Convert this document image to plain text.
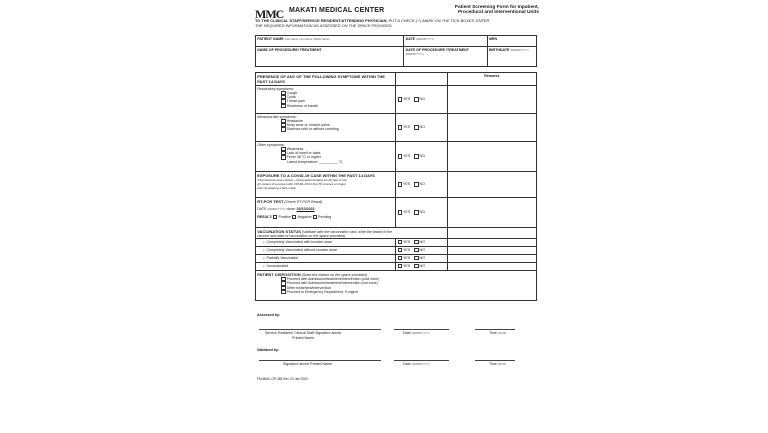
MMC MAKATI MEDICAL CENTER	Patient Screening Form for Inpatient,
Procedural and Interventional Units
TO THE CLINICAL STAFF/SERVICE RESIDENT/ATTENDING PHYSICIAN: PUT A CHECK (✓) MARK ON THE TICK BOXES. ENTER
THE REQUIRED INFORMATION AS ASSESSED ON THE SPACE PROVIDED.
PATIENT NAME (Last Name, First Name, Middle Name)	DATE (MM/DD/YYYY)	MRN
NAME OF PROCEDURE/ TREATMENT	DATE OF PROCEDURE /TREATMENT (MM/DD/YYYY)	BIRTHDATE (MM/DD/YYYY)
PRESENCE OF ANY OF THE FOLLOWING SYMPTOMS WITHIN THE PAST 14 DAYS		Remarks

Respiratory symptoms:
Cough
Colds
Throat pain
Shortness of breath	YES NO	

Influenza-like symptoms:
Headache
Body ache or muscle pains
Diarrhea with or without vomiting	YES NO	

Other symptoms:
Weakness
Lack of smell or taste
Fever 38 °C or higher
Latest temperature: _________ °C	YES NO	

EXPOSURE TO A COVID-19 CASE WITHIN THE PAST 14 DAYS
*Unprotected close contact – being approximately six (6) feet or two
(2) meters of a person with COVID-19 for five (5) minutes or longer
and not wearing a face mask.	YES NO	

RT-PCR TEST (Check RT-PCR Result)
DATE (MM/DD/YYYY) done: 03/10/2022
RESULT: Positive Negative Pending	YES NO	
VACCINATION STATUS (Validate with the vaccination card, write the brand of the
vaccine and date of vaccination on the space provided)		

•  Completely Vaccinated with booster dose	YES NO	
•  Completely Vaccinated without booster dose	YES NO	
•  Partially Vaccinated	YES NO	
•  Unvaccinated	YES NO	

PATIENT DISPOSITION (State the reason on the space provided)
Proceed with Admission/treatment/intervention (cold zone)
Proceed with Admission/treatment/intervention (hot zone)
Defer treatment/intervention
Proceed to Emergency Department, if urgent		
Assessed by:
Service Resident/ Clinical Staff Signature above
Printed Name
Date (MM/DD/YYYY)	Time (00:00)
Validated by:
Signature above Printed Name	Date (MM/DD/YYYY)	Time (00:00)
FM-MMC-OP-465 Rev. 00 Jan 2022
